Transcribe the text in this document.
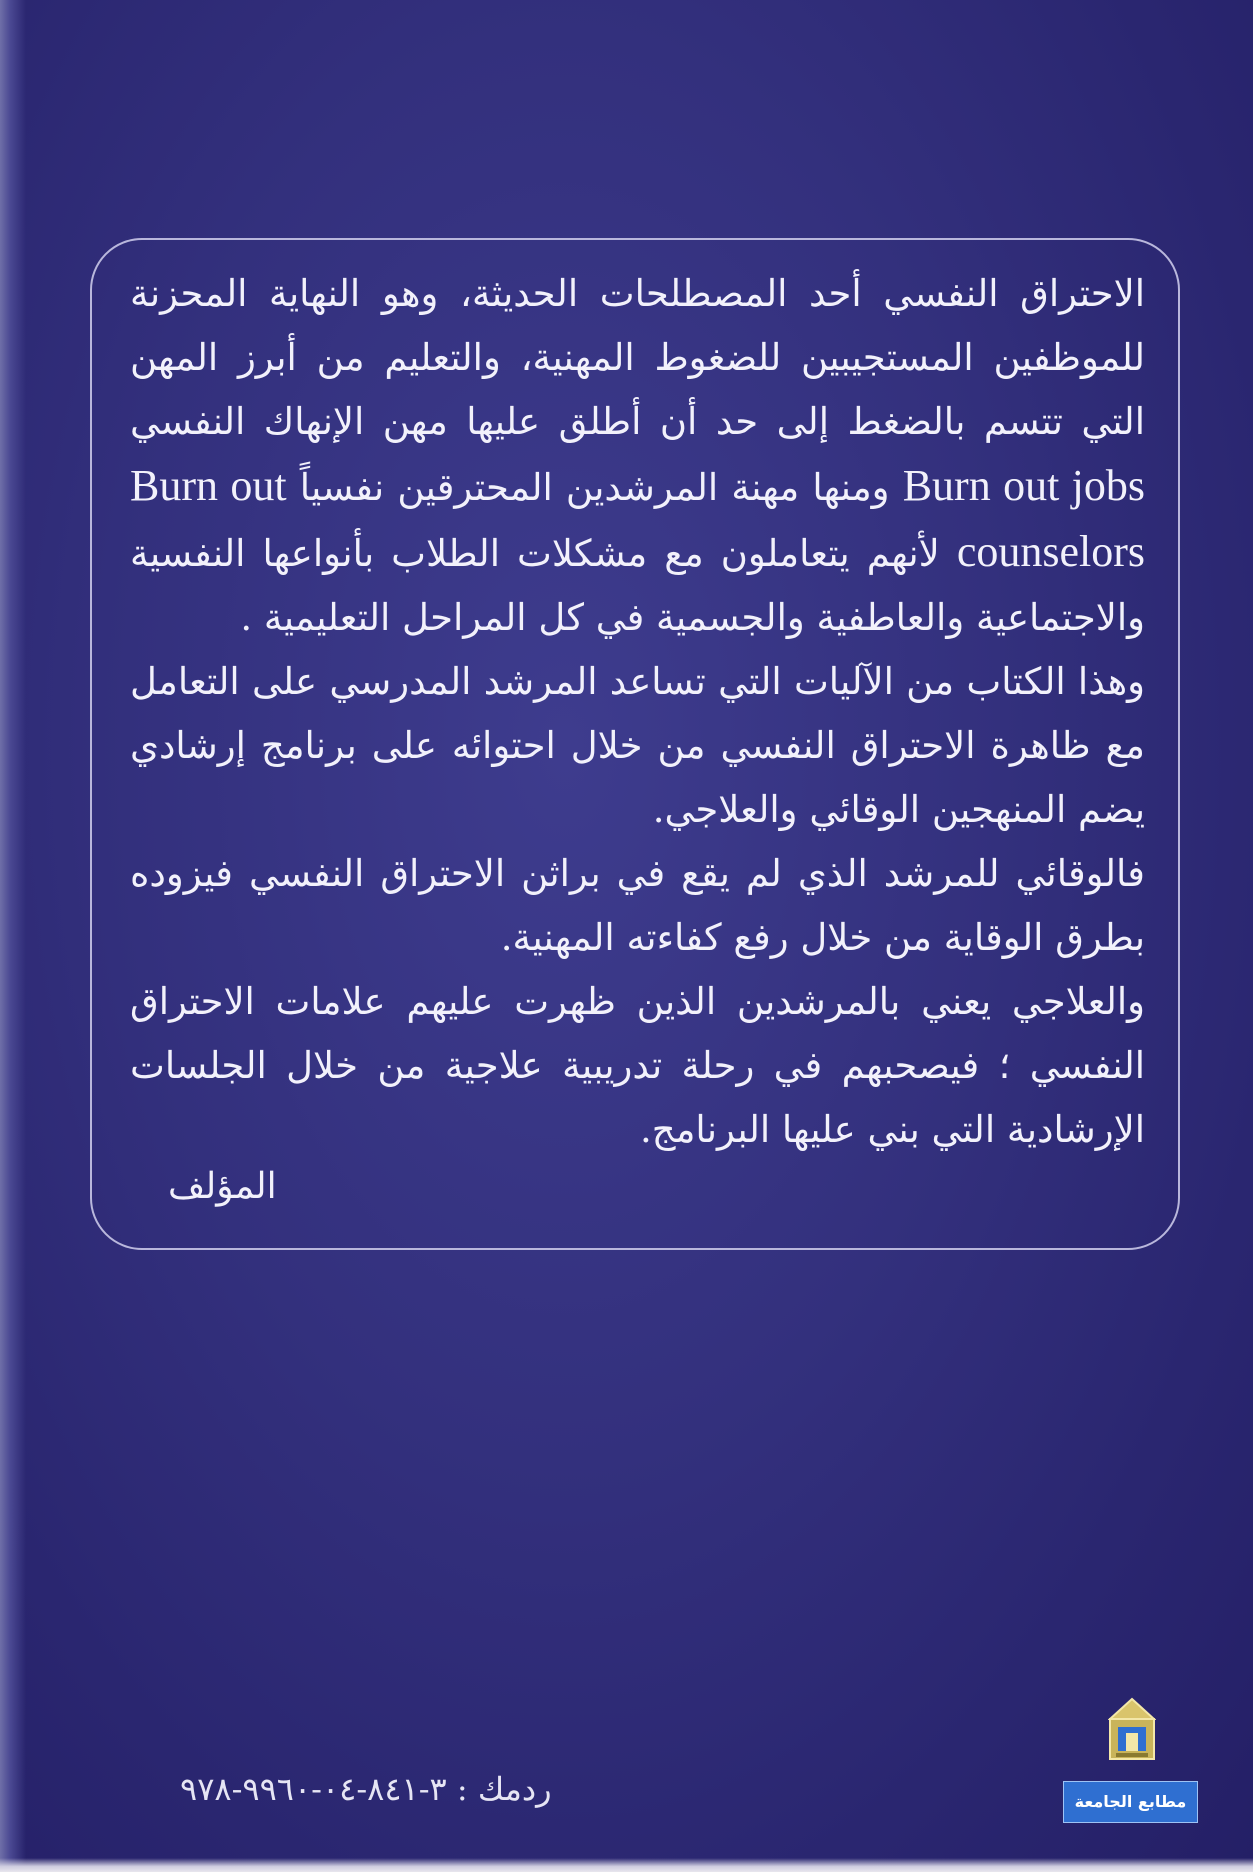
الاحتراق النفسي أحد المصطلحات الحديثة، وهو النهاية المحزنة للموظفين المستجيبين للضغوط المهنية، والتعليم من أبرز المهن التي تتسم بالضغط إلى حد أن أطلق عليها مهن الإنهاك النفسي Burn out jobs ومنها مهنة المرشدين المحترقين نفسياً Burn out counselors لأنهم يتعاملون مع مشكلات الطلاب بأنواعها النفسية والاجتماعية والعاطفية والجسمية في كل المراحل التعليمية .

وهذا الكتاب من الآليات التي تساعد المرشد المدرسي على التعامل مع ظاهرة الاحتراق النفسي من خلال احتوائه على برنامج إرشادي يضم المنهجين الوقائي والعلاجي.

فالوقائي للمرشد الذي لم يقع في براثن الاحتراق النفسي فيزوده بطرق الوقاية من خلال رفع كفاءته المهنية.

والعلاجي يعني بالمرشدين الذين ظهرت عليهم علامات الاحتراق النفسي ؛ فيصحبهم في رحلة تدريبية علاجية من خلال الجلسات الإرشادية التي بني عليها البرنامج.

المؤلف
ردمك : ٣-٨٤١-٠٤-٩٩٦٠-٩٧٨	مطابع الجامعة
